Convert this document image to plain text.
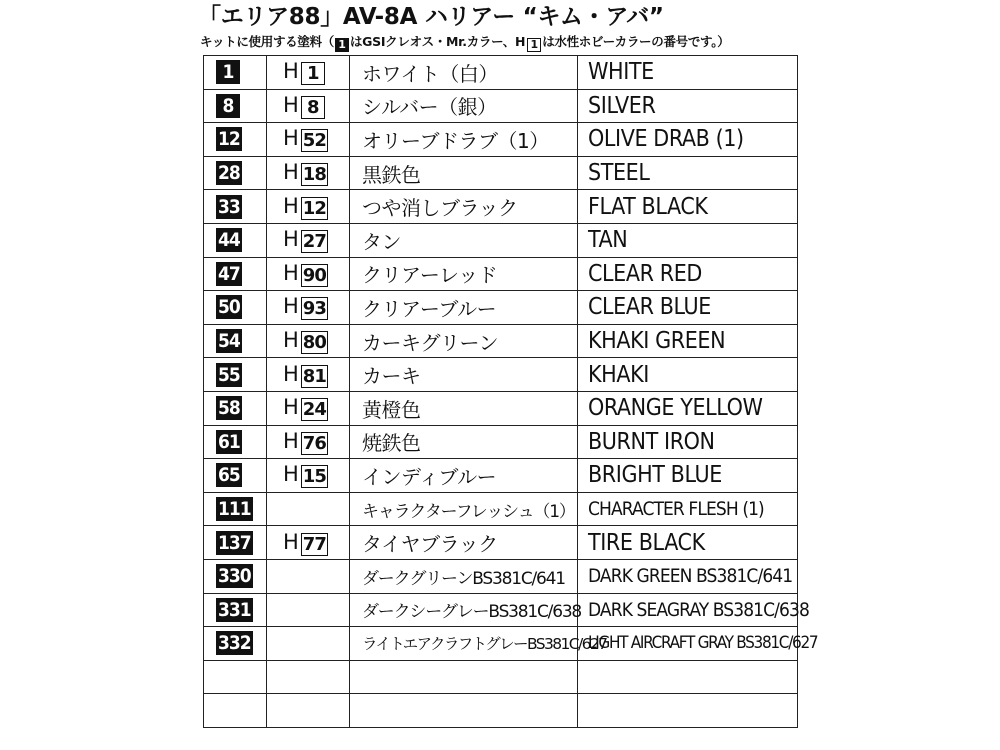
「エリア88」AV-8A ハリアー “キム・アバ”
キットに使用する塗料（ 1 はGSIクレオス・Mr.カラー、H 1 は水性ホビーカラーの番号です。）
1	H 1	ホワイト（白）	WHITE
8	H 8	シルバー（銀）	SILVER
12	H 52	オリーブドラブ（1）	OLIVE DRAB (1)
28	H 18	黒鉄色	STEEL
33	H 12	つや消しブラック	FLAT BLACK
44	H 27	タン	TAN
47	H 90	クリアーレッド	CLEAR RED
50	H 93	クリアーブルー	CLEAR BLUE
54	H 80	カーキグリーン	KHAKI GREEN
55	H 81	カーキ	KHAKI
58	H 24	黄橙色	ORANGE YELLOW
61	H 76	焼鉄色	BURNT IRON
65	H 15	インディブルー	BRIGHT BLUE
111		キャラクターフレッシュ（1）	CHARACTER FLESH (1)
137	H 77	タイヤブラック	TIRE BLACK
330		ダークグリーンBS381C/641	DARK GREEN BS381C/641
331		ダークシーグレーBS381C/638	DARK SEAGRAY BS381C/638
332		ライトエアクラフトグレーBS381C/627	LIGHT AIRCRAFT GRAY BS381C/627
